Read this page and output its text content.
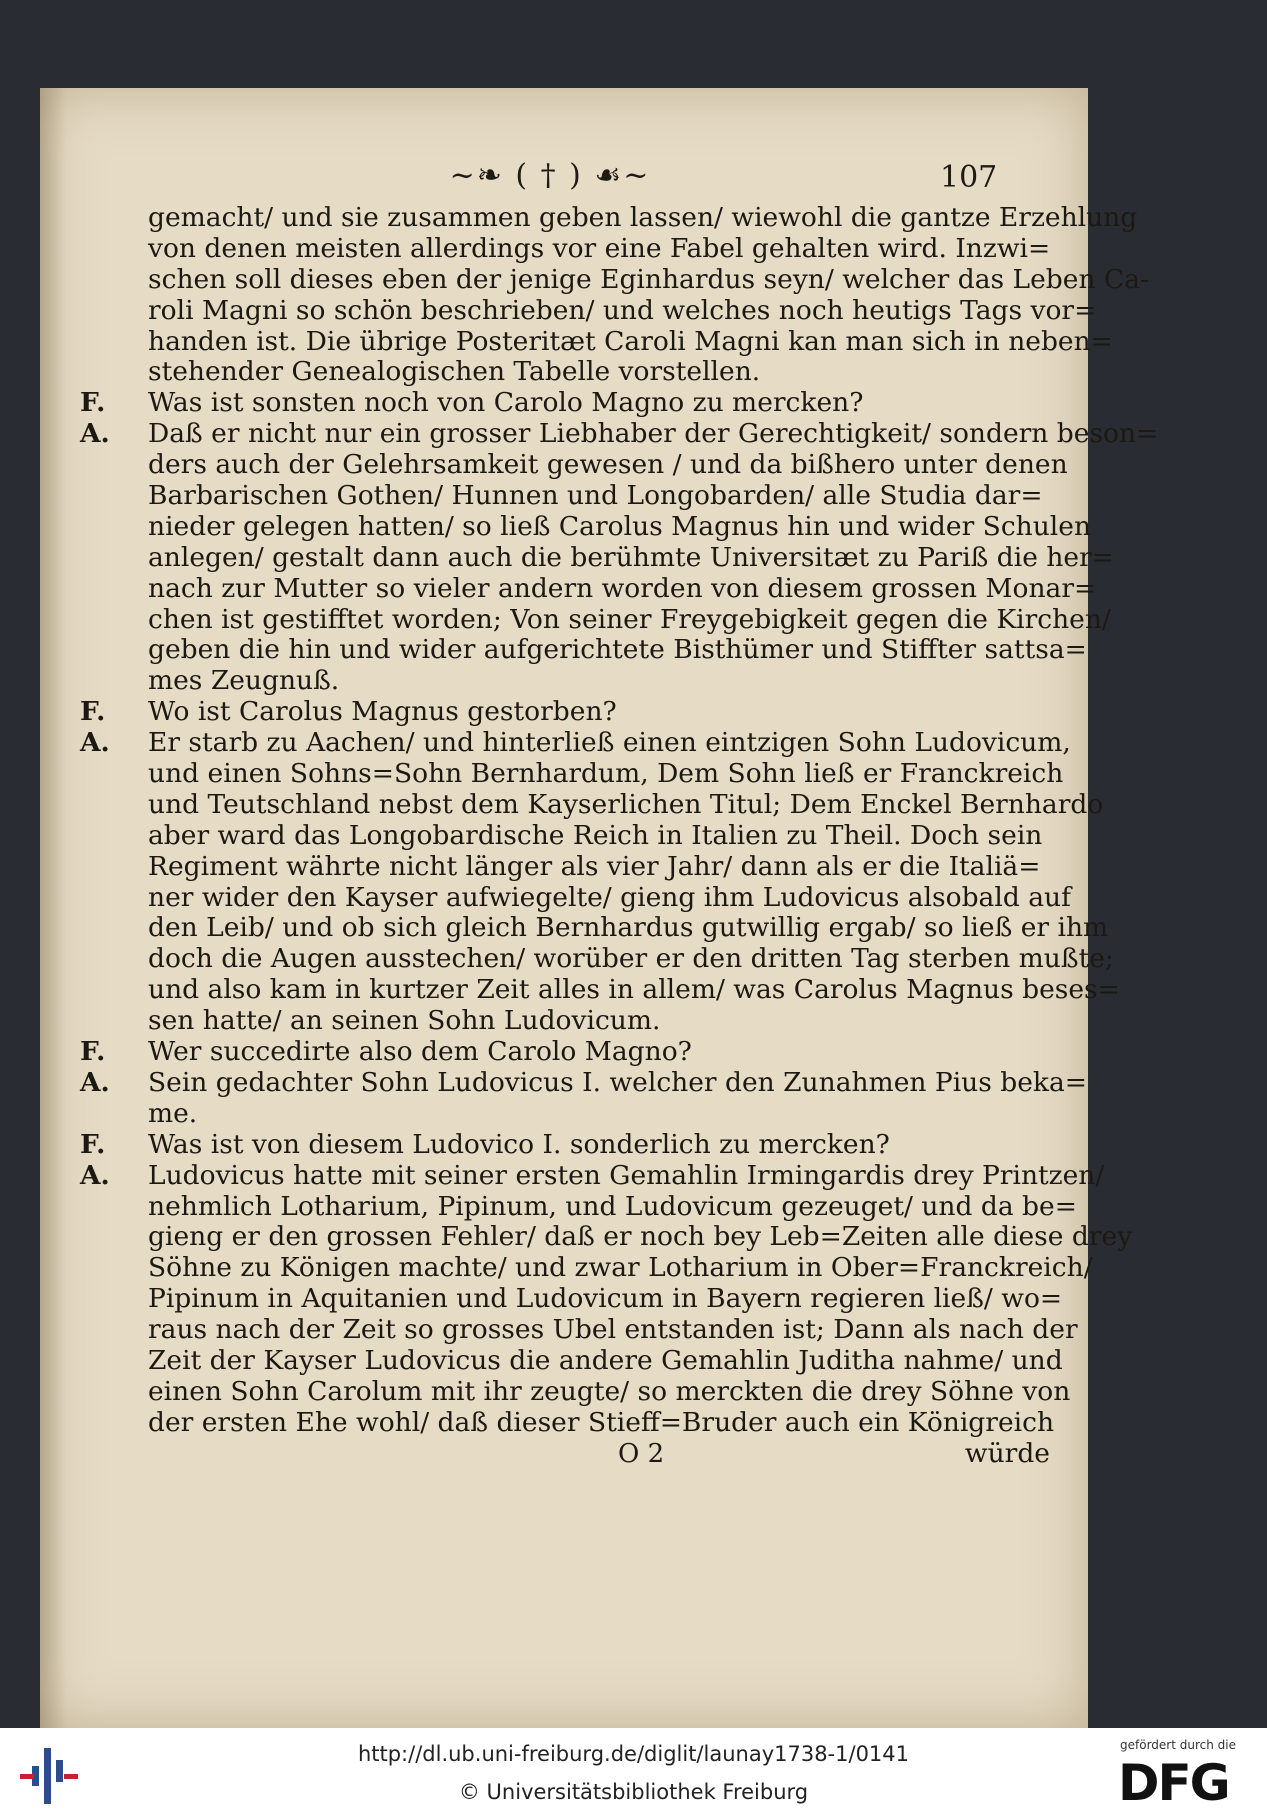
~❧ ( † ) ☙~	107
gemacht/ und sie zusammen geben lassen/ wiewohl die gantze Erzehlung
von denen meisten allerdings vor eine Fabel gehalten wird. Inzwi=
schen soll dieses eben der jenige Eginhardus seyn/ welcher das Leben Ca-
roli Magni so schön beschrieben/ und welches noch heutigs Tags vor=
handen ist. Die übrige Posteritæt Caroli Magni kan man sich in neben=
stehender Genealogischen Tabelle vorstellen.
F. Was ist sonsten noch von Carolo Magno zu mercken?
A. Daß er nicht nur ein grosser Liebhaber der Gerechtigkeit/ sondern beson=
ders auch der Gelehrsamkeit gewesen / und da bißhero unter denen
Barbarischen Gothen/ Hunnen und Longobarden/ alle Studia dar=
nieder gelegen hatten/ so ließ Carolus Magnus hin und wider Schulen
anlegen/ gestalt dann auch die berühmte Universitæt zu Pariß die her=
nach zur Mutter so vieler andern worden von diesem grossen Monar=
chen ist gestifftet worden; Von seiner Freygebigkeit gegen die Kirchen/
geben die hin und wider aufgerichtete Bisthümer und Stiffter sattsa=
mes Zeugnuß.
F. Wo ist Carolus Magnus gestorben?
A. Er starb zu Aachen/ und hinterließ einen eintzigen Sohn Ludovicum,
und einen Sohns=Sohn Bernhardum, Dem Sohn ließ er Franckreich
und Teutschland nebst dem Kayserlichen Titul; Dem Enckel Bernhardo
aber ward das Longobardische Reich in Italien zu Theil. Doch sein
Regiment währte nicht länger als vier Jahr/ dann als er die Italiä=
ner wider den Kayser aufwiegelte/ gieng ihm Ludovicus alsobald auf
den Leib/ und ob sich gleich Bernhardus gutwillig ergab/ so ließ er ihm
doch die Augen ausstechen/ worüber er den dritten Tag sterben mußte;
und also kam in kurtzer Zeit alles in allem/ was Carolus Magnus beses=
sen hatte/ an seinen Sohn Ludovicum.
F. Wer succedirte also dem Carolo Magno?
A. Sein gedachter Sohn Ludovicus I. welcher den Zunahmen Pius beka=
me.
F. Was ist von diesem Ludovico I. sonderlich zu mercken?
A. Ludovicus hatte mit seiner ersten Gemahlin Irmingardis drey Printzen/
nehmlich Lotharium, Pipinum, und Ludovicum gezeuget/ und da be=
gieng er den grossen Fehler/ daß er noch bey Leb=Zeiten alle diese drey
Söhne zu Königen machte/ und zwar Lotharium in Ober=Franckreich/
Pipinum in Aquitanien und Ludovicum in Bayern regieren ließ/ wo=
raus nach der Zeit so grosses Ubel entstanden ist; Dann als nach der
Zeit der Kayser Ludovicus die andere Gemahlin Juditha nahme/ und
einen Sohn Carolum mit ihr zeugte/ so merckten die drey Söhne von
der ersten Ehe wohl/ daß dieser Stieff=Bruder auch ein Königreich
O 2	würde
http://dl.ub.uni-freiburg.de/diglit/launay1738-1/0141
© Universitätsbibliothek Freiburg
gefördert durch die
DFG
